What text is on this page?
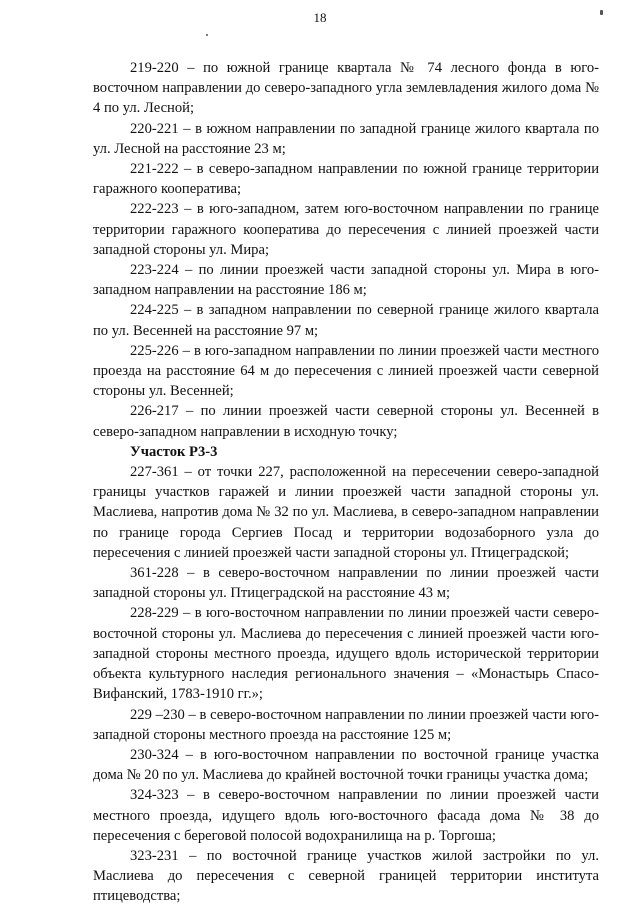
18

219-220 – по южной границе квартала № 74 лесного фонда в юго-восточном направлении до северо-западного угла землевладения жилого дома № 4 по ул. Лесной;

220-221 – в южном направлении по западной границе жилого квартала по ул. Лесной на расстояние 23 м;

221-222 – в северо-западном направлении по южной границе территории гаражного кооператива;

222-223 – в юго-западном, затем юго-восточном направлении по границе территории гаражного кооператива до пересечения с линией проезжей части западной стороны ул. Мира;

223-224 – по линии проезжей части западной стороны ул. Мира в юго-западном направлении на расстояние 186 м;

224-225 – в западном направлении по северной границе жилого квартала по ул. Весенней на расстояние 97 м;

225-226 – в юго-западном направлении по линии проезжей части местного проезда на расстояние 64 м до пересечения с линией проезжей части северной стороны ул. Весенней;

226-217 – по линии проезжей части северной стороны ул. Весенней в северо-западном направлении в исходную точку;

Участок Р3-3

227-361 – от точки 227, расположенной на пересечении северо-западной границы участков гаражей и линии проезжей части западной стороны ул. Маслиева, напротив дома № 32 по ул. Маслиева, в северо-западном направлении по границе города Сергиев Посад и территории водозаборного узла до пересечения с линией проезжей части западной стороны ул. Птицеградской;

361-228 – в северо-восточном направлении по линии проезжей части западной стороны ул. Птицеградской на расстояние 43 м;

228-229 – в юго-восточном направлении по линии проезжей части северо-восточной стороны ул. Маслиева до пересечения с линией проезжей части юго-западной стороны местного проезда, идущего вдоль исторической территории объекта культурного наследия регионального значения – «Монастырь Спасо-Вифанский, 1783-1910 гг.»;

229 –230 – в северо-восточном направлении по линии проезжей части юго-западной стороны местного проезда на расстояние 125 м;

230-324 – в юго-восточном направлении по восточной границе участка дома № 20 по ул. Маслиева до крайней восточной точки границы участка дома;

324-323 – в северо-восточном направлении по линии проезжей части местного проезда, идущего вдоль юго-восточного фасада дома № 38 до пересечения с береговой полосой водохранилища на р. Торгоша;

323-231 – по восточной границе участков жилой застройки по ул. Маслиева до пересечения с северной границей территории института птицеводства;
